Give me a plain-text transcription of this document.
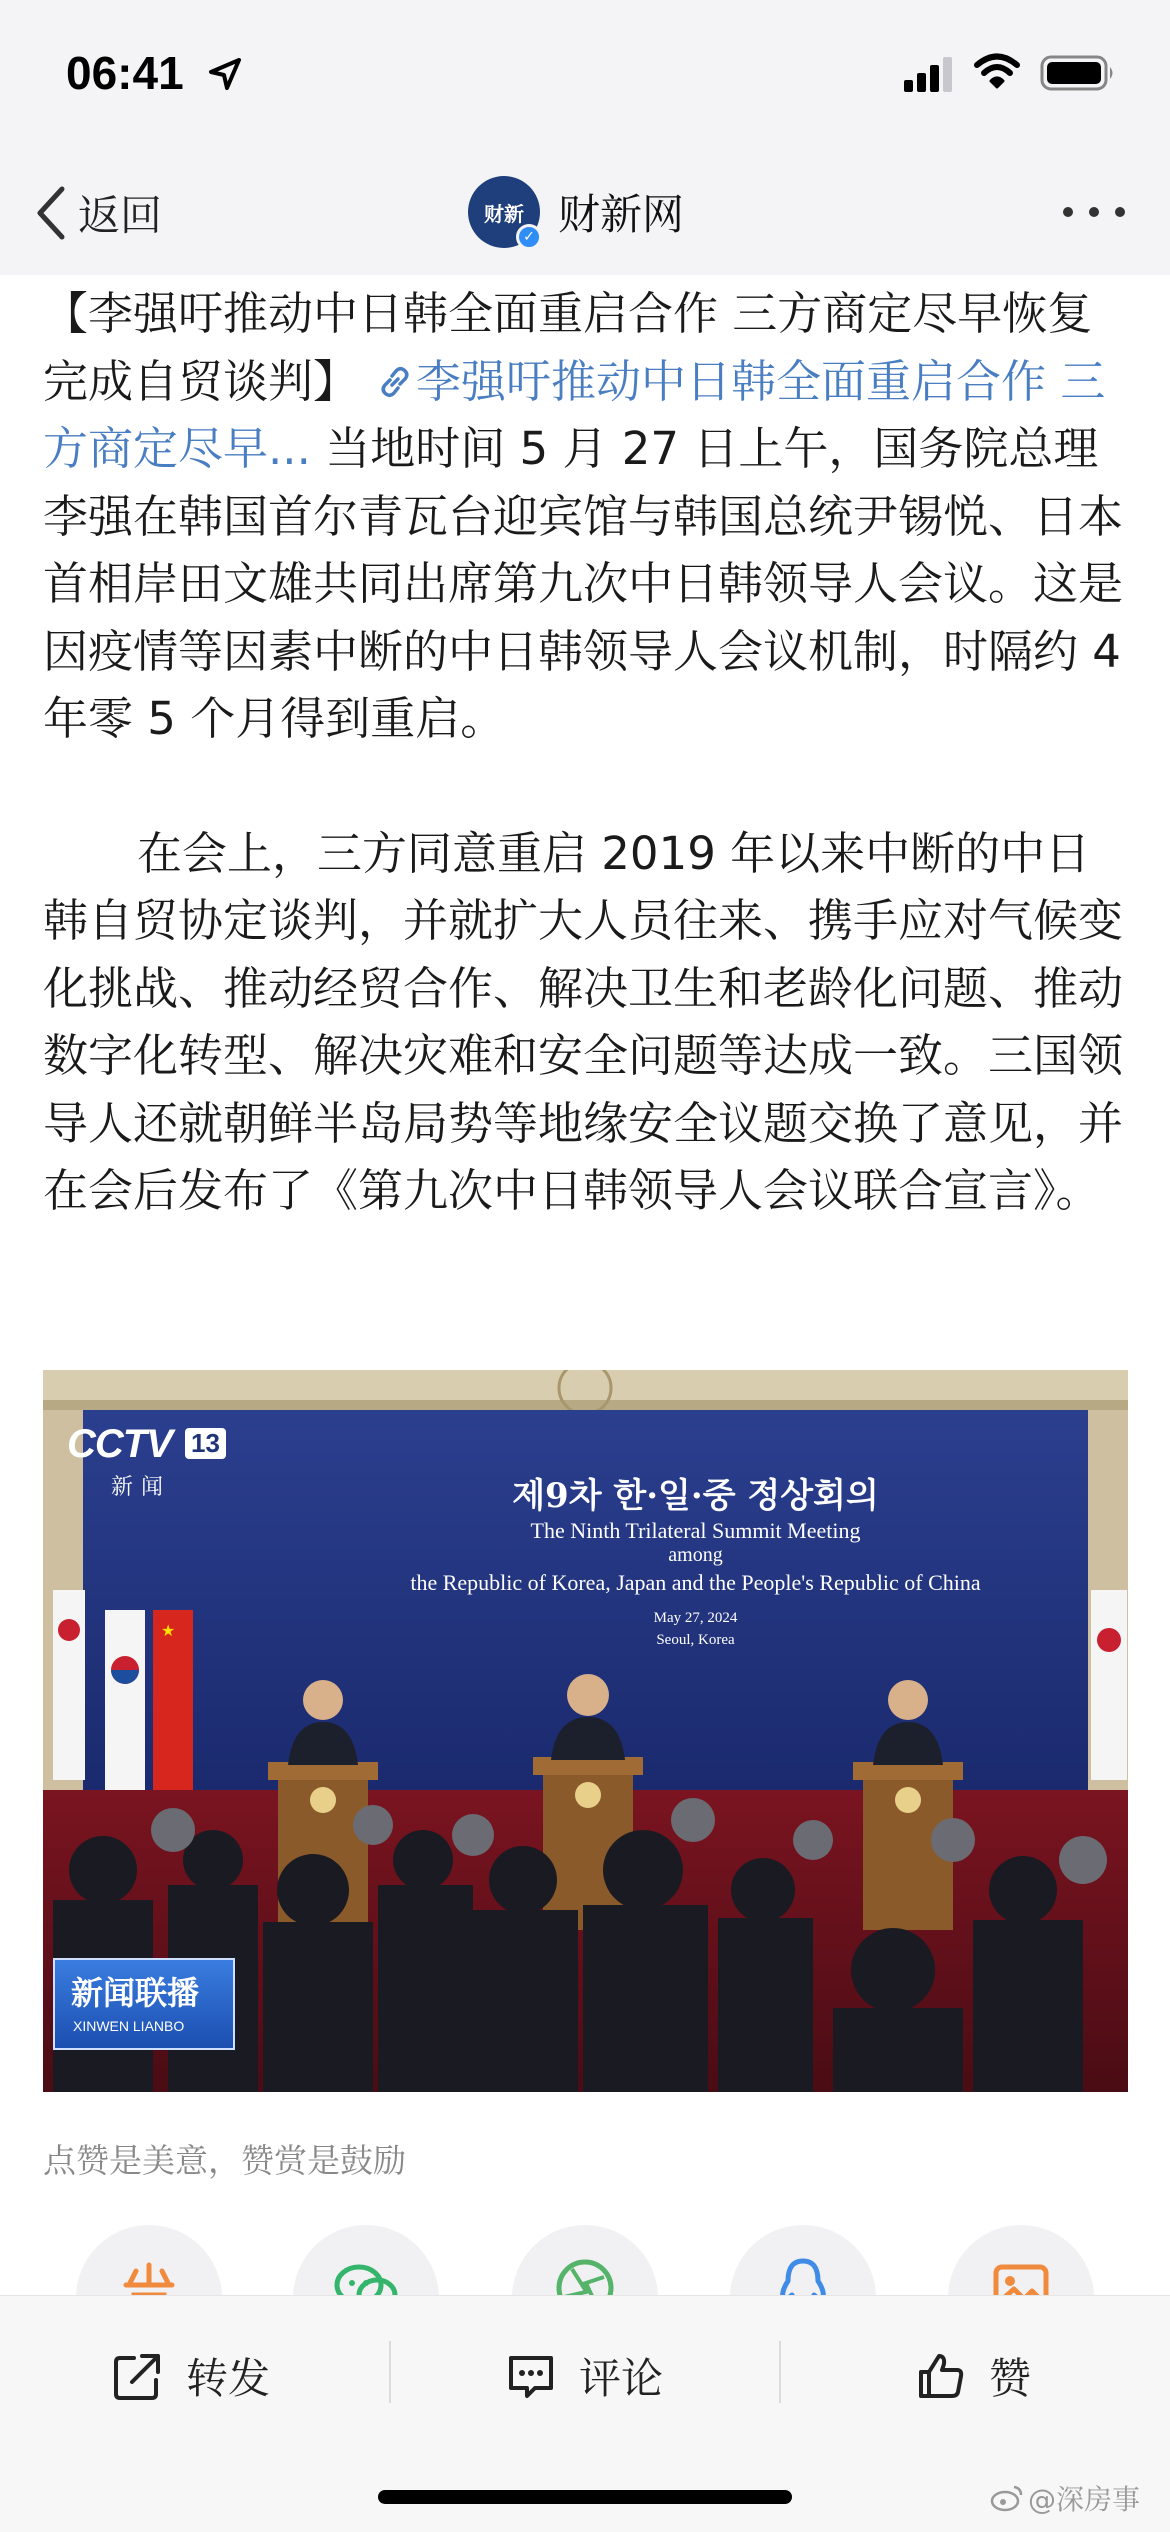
06:41
返回	财新
✓ 财新网

【李强吁推动中日韩全面重启合作 三方商定尽早恢复完成自贸谈判】 李强吁推动中日韩全面重启合作 三方商定尽早... 当地时间 5 月 27 日上午，国务院总理李强在韩国首尔青瓦台迎宾馆与韩国总统尹锡悦、日本首相岸田文雄共同出席第九次中日韩领导人会议。这是因疫情等因素中断的中日韩领导人会议机制，时隔约 4 年零 5 个月得到重启。

在会上，三方同意重启 2019 年以来中断的中日韩自贸协定谈判，并就扩大人员往来、携手应对气候变化挑战、推动经贸合作、解决卫生和老龄化问题、推动数字化转型、解决灾难和安全问题等达成一致。三国领导人还就朝鲜半岛局势等地缘安全议题交换了意见，并在会后发布了《第九次中日韩领导人会议联合宣言》。

★
CCTV 13
新闻	제9차 한·일·중 정상회의
The Ninth Trilateral Summit Meeting
among
the Republic of Korea, Japan and the People's Republic of China
May 27, 2024
Seoul, Korea
新闻联播
XINWEN LIANBO
点赞是美意，赞赏是鼓励
转发	评论	赞
@深房事
